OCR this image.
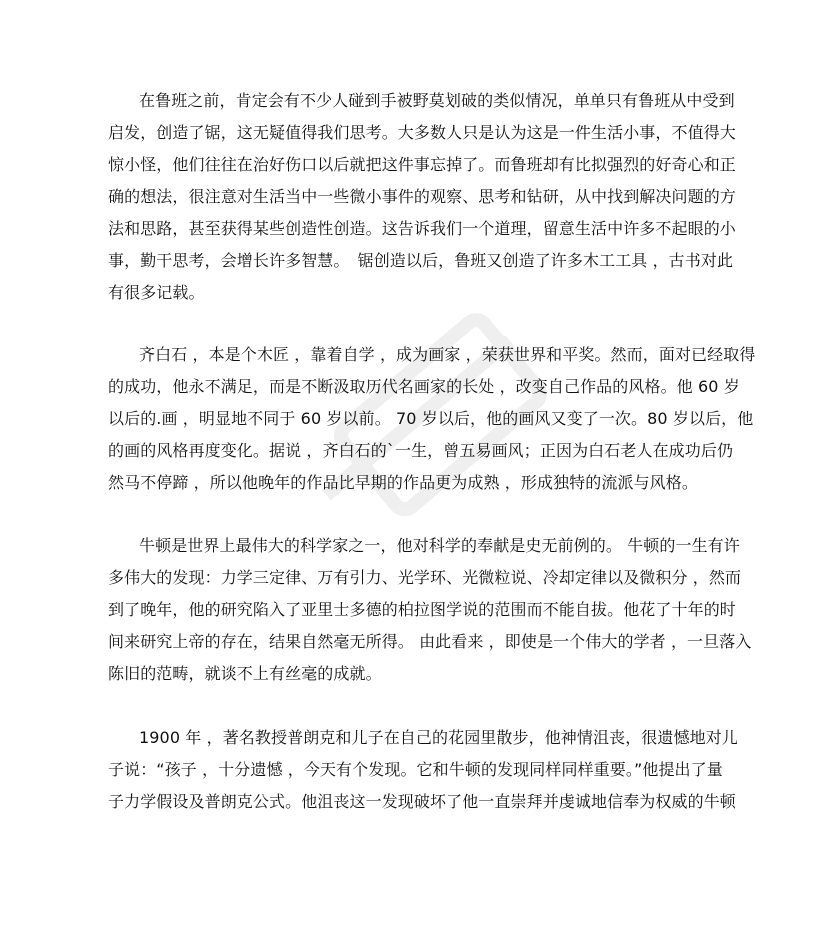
在鲁班之前，肯定会有不少人碰到手被野莫划破的类似情况，单单只有鲁班从中受到
启发，创造了锯，这无疑值得我们思考。大多数人只是认为这是一件生活小事，不值得大
惊小怪，他们往往在治好伤口以后就把这件事忘掉了。而鲁班却有比拟强烈的好奇心和正
确的想法，很注意对生活当中一些微小事件的观察、思考和钻研，从中找到解决问题的方
法和思路，甚至获得某些创造性创造。这告诉我们一个道理，留意生活中许多不起眼的小
事，勤干思考，会增长许多智慧。　锯创造以后，鲁班又创造了许多木工工具 ，古书对此
有很多记载。
齐白石 ，本是个木匠 ，靠着自学 ，成为画家 ，荣获世界和平奖。然而，面对已经取得
的成功，他永不满足，而是不断汲取历代名画家的长处 ，改变自己作品的风格。他 60 岁
以后的.画 ，明显地不同于 60 岁以前。 70 岁以后，他的画风又变了一次。80 岁以后，他
的画的风格再度变化。据说 ，齐白石的`一生，曾五易画风；正因为白石老人在成功后仍
然马不停蹄 ，所以他晚年的作品比早期的作品更为成熟 ，形成独特的流派与风格。
牛顿是世界上最伟大的科学家之一，他对科学的奉献是史无前例的。 牛顿的一生有许
多伟大的发现：力学三定律、万有引力、光学环、光微粒说、冷却定律以及微积分 ，然而
到了晚年，他的研究陷入了亚里士多德的柏拉图学说的范围而不能自拔。他花了十年的时
间来研究上帝的存在，结果自然毫无所得。 由此看来 ，即使是一个伟大的学者 ，一旦落入
陈旧的范畴，就谈不上有丝毫的成就。
1900 年 ，著名教授普朗克和儿子在自己的花园里散步，他神情沮丧，很遗憾地对儿
子说：“孩子 ，十分遗憾 ，今天有个发现。它和牛顿的发现同样同样重要。”他提出了量
子力学假设及普朗克公式。他沮丧这一发现破坏了他一直崇拜并虔诚地信奉为权威的牛顿
